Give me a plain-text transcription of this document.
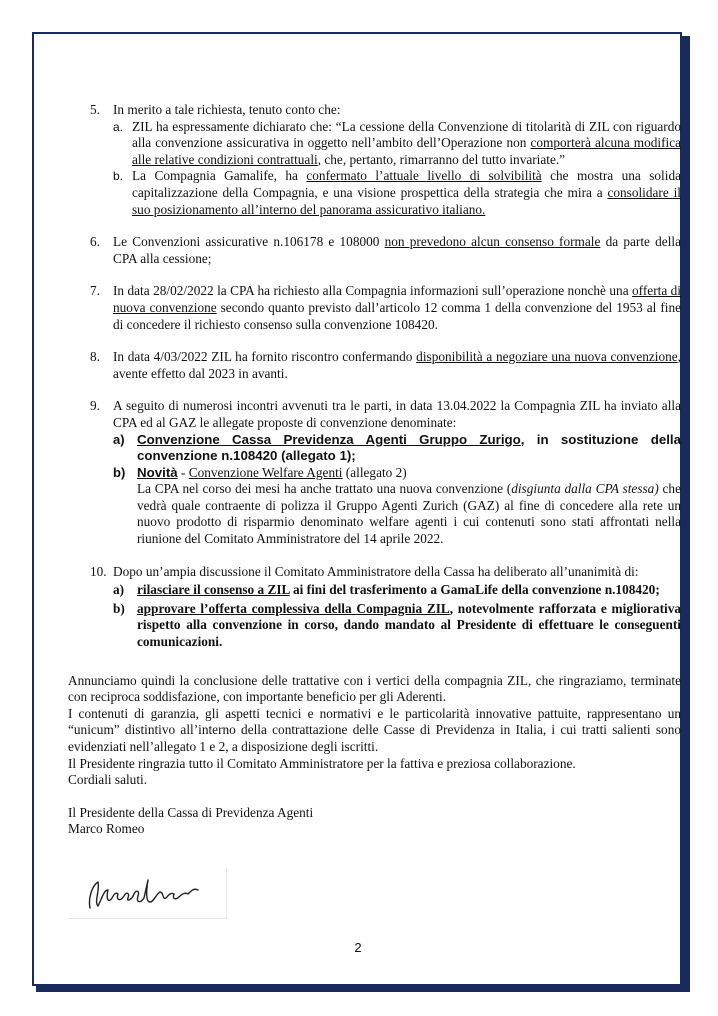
5. In merito a tale richiesta, tenuto conto che:

a. ZIL ha espressamente dichiarato che: “La cessione della Convenzione di titolarità di ZIL con riguardo alla convenzione assicurativa in oggetto nell’ambito dell’Operazione non comporterà alcuna modifica alle relative condizioni contrattuali, che, pertanto, rimarranno del tutto invariate.”
b. La Compagnia Gamalife, ha confermato l’attuale livello di solvibilità che mostra una solida capitalizzazione della Compagnia, e una visione prospettica della strategia che mira a consolidare il suo posizionamento all’interno del panorama assicurativo italiano.
6. Le Convenzioni assicurative n.106178 e 108000 non prevedono alcun consenso formale da parte della CPA alla cessione;
7. In data 28/02/2022 la CPA ha richiesto alla Compagnia informazioni sull’operazione nonchè una offerta di nuova convenzione secondo quanto previsto dall’articolo 12 comma 1 della convenzione del 1953 al fine di concedere il richiesto consenso sulla convenzione 108420.
8. In data 4/03/2022 ZIL ha fornito riscontro confermando disponibilità a negoziare una nuova convenzione, avente effetto dal 2023 in avanti.
9. A seguito di numerosi incontri avvenuti tra le parti, in data 13.04.2022 la Compagnia ZIL ha inviato alla CPA ed al GAZ le allegate proposte di convenzione denominate:

a) Convenzione Cassa Previdenza Agenti Gruppo Zurigo, in sostituzione della convenzione n.108420 (allegato 1);
b) Novità - Convenzione Welfare Agenti (allegato 2)

La CPA nel corso dei mesi ha anche trattato una nuova convenzione (disgiunta dalla CPA stessa) che vedrà quale contraente di polizza il Gruppo Agenti Zurich (GAZ) al fine di concedere alla rete un nuovo prodotto di risparmio denominato welfare agenti i cui contenuti sono stati affrontati nella riunione del Comitato Amministratore del 14 aprile 2022.

10. Dopo un’ampia discussione il Comitato Amministratore della Cassa ha deliberato all’unanimità di:

a) rilasciare il consenso a ZIL ai fini del trasferimento a GamaLife della convenzione n.108420;
b) approvare l’offerta complessiva della Compagnia ZIL, notevolmente rafforzata e migliorativa rispetto alla convenzione in corso, dando mandato al Presidente di effettuare le conseguenti comunicazioni.

Annunciamo quindi la conclusione delle trattative con i vertici della compagnia ZIL, che ringraziamo, terminate con reciproca soddisfazione, con importante beneficio per gli Aderenti.

I contenuti di garanzia, gli aspetti tecnici e normativi e le particolarità innovative pattuite, rappresentano un “unicum” distintivo all’interno della contrattazione delle Casse di Previdenza in Italia, i cui tratti salienti sono evidenziati nell’allegato 1 e 2, a disposizione degli iscritti.

Il Presidente ringrazia tutto il Comitato Amministratore per la fattiva e preziosa collaborazione.

Cordiali saluti.

Il Presidente della Cassa di Previdenza Agenti

Marco Romeo

2
